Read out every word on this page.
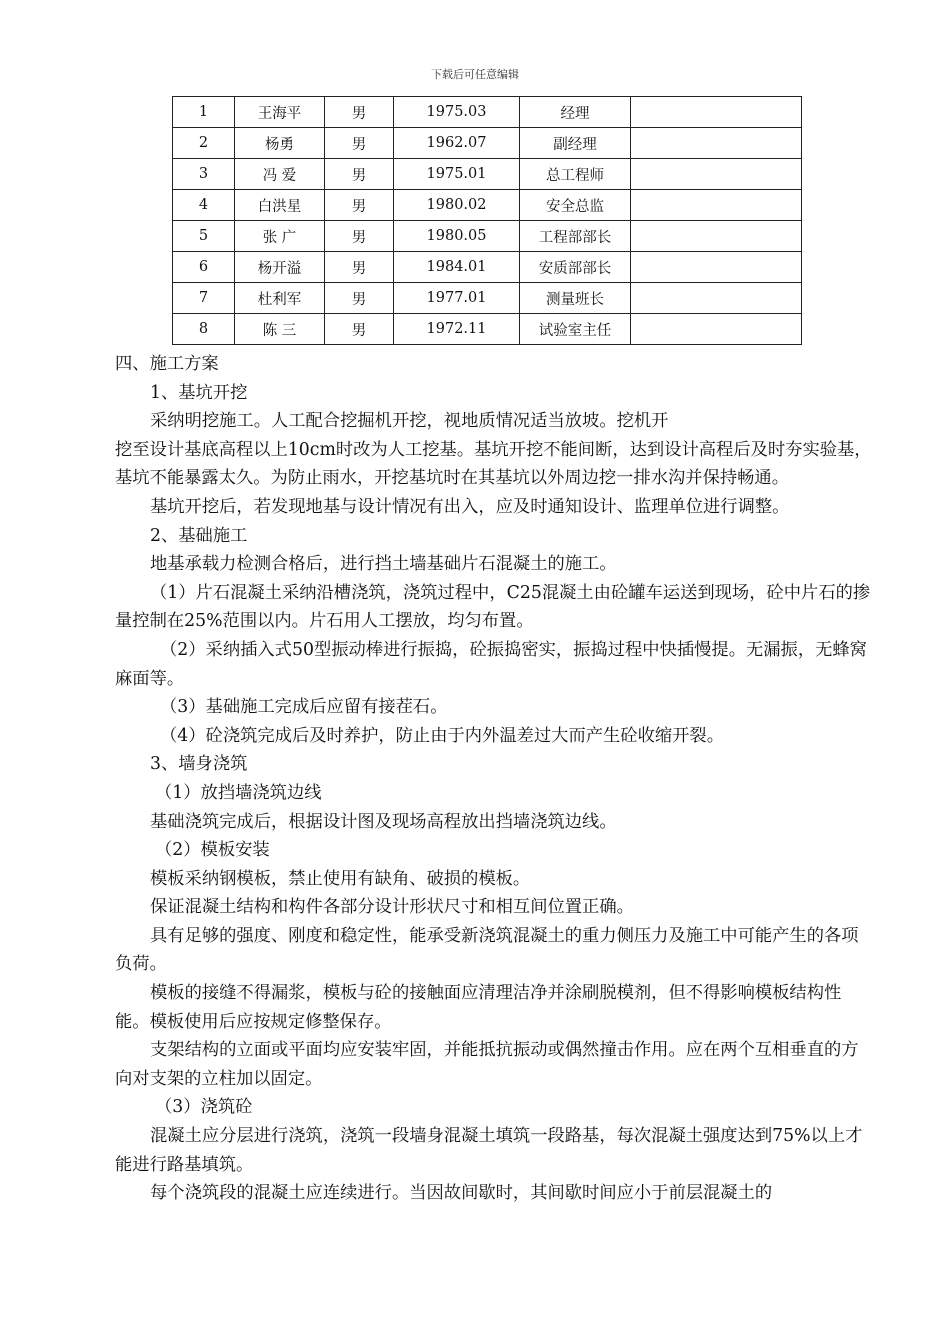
下载后可任意编辑
1	王海平	男	1975.03	经理	
2	杨勇	男	1962.07	副经理	
3	冯 爱	男	1975.01	总工程师	
4	白洪星	男	1980.02	安全总监	
5	张 广	男	1980.05	工程部部长	
6	杨开溢	男	1984.01	安质部部长	
7	杜利军	男	1977.01	测量班长	
8	陈 三	男	1972.11	试验室主任	

四、施工方案

1、基坑开挖

采纳明挖施工。人工配合挖掘机开挖，视地质情况适当放坡。挖机开

挖至设计基底高程以上10cm时改为人工挖基。基坑开挖不能间断，达到设计高程后及时夯实验基，基坑不能暴露太久。为防止雨水，开挖基坑时在其基坑以外周边挖一排水沟并保持畅通。

基坑开挖后，若发现地基与设计情况有出入，应及时通知设计、监理单位进行调整。

2、基础施工

地基承载力检测合格后，进行挡土墙基础片石混凝土的施工。

（1）片石混凝土采纳沿槽浇筑，浇筑过程中，C25混凝土由砼罐车运送到现场，砼中片石的掺量控制在25%范围以内。片石用人工摆放，均匀布置。

（2）采纳插入式50型振动棒进行振捣，砼振捣密实，振捣过程中快插慢提。无漏振，无蜂窝麻面等。

（3）基础施工完成后应留有接茬石。

（4）砼浇筑完成后及时养护，防止由于内外温差过大而产生砼收缩开裂。

3、墙身浇筑

（1）放挡墙浇筑边线

基础浇筑完成后，根据设计图及现场高程放出挡墙浇筑边线。

（2）模板安装

模板采纳钢模板，禁止使用有缺角、破损的模板。

保证混凝土结构和构件各部分设计形状尺寸和相互间位置正确。

具有足够的强度、刚度和稳定性，能承受新浇筑混凝土的重力侧压力及施工中可能产生的各项负荷。

模板的接缝不得漏浆，模板与砼的接触面应清理洁净并涂刷脱模剂，但不得影响模板结构性能。模板使用后应按规定修整保存。

支架结构的立面或平面均应安装牢固，并能抵抗振动或偶然撞击作用。应在两个互相垂直的方向对支架的立柱加以固定。

（3）浇筑砼

混凝土应分层进行浇筑，浇筑一段墙身混凝土填筑一段路基，每次混凝土强度达到75%以上才能进行路基填筑。

每个浇筑段的混凝土应连续进行。当因故间歇时，其间歇时间应小于前层混凝土的
